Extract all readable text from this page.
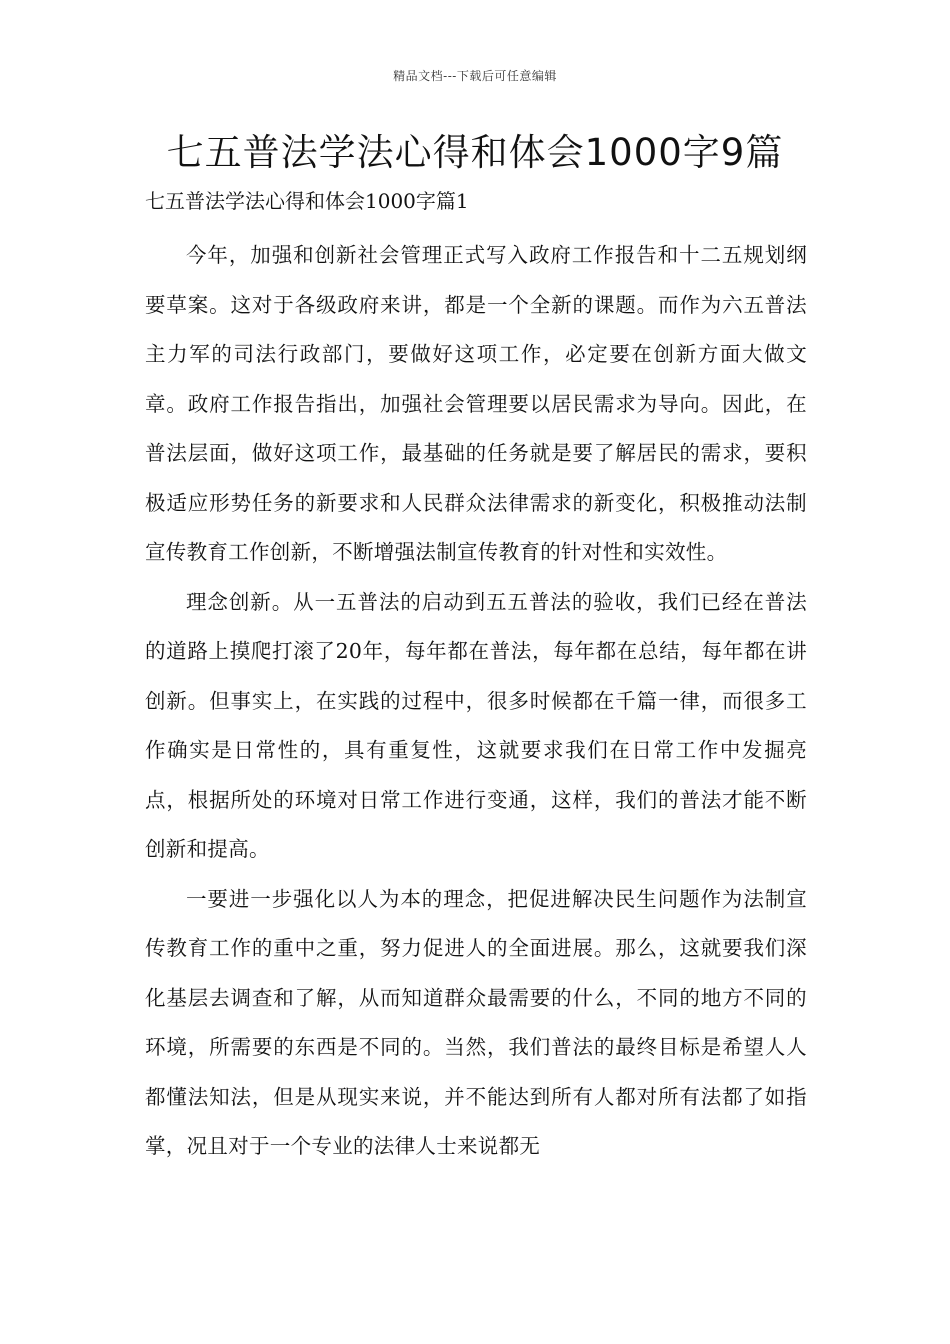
精品文档---下载后可任意编辑
七五普法学法心得和体会1000字9篇
七五普法学法心得和体会1000字篇1

今年，加强和创新社会管理正式写入政府工作报告和十二五规划纲要草案。这对于各级政府来讲，都是一个全新的课题。而作为六五普法主力军的司法行政部门，要做好这项工作，必定要在创新方面大做文章。政府工作报告指出，加强社会管理要以居民需求为导向。因此，在普法层面，做好这项工作，最基础的任务就是要了解居民的需求，要积极适应形势任务的新要求和人民群众法律需求的新变化，积极推动法制宣传教育工作创新，不断增强法制宣传教育的针对性和实效性。

理念创新。从一五普法的启动到五五普法的验收，我们已经在普法的道路上摸爬打滚了20年，每年都在普法，每年都在总结，每年都在讲创新。但事实上，在实践的过程中，很多时候都在千篇一律，而很多工作确实是日常性的，具有重复性，这就要求我们在日常工作中发掘亮点，根据所处的环境对日常工作进行变通，这样，我们的普法才能不断创新和提高。

一要进一步强化以人为本的理念，把促进解决民生问题作为法制宣传教育工作的重中之重，努力促进人的全面进展。那么，这就要我们深化基层去调查和了解，从而知道群众最需要的什么，不同的地方不同的环境，所需要的东西是不同的。当然，我们普法的最终目标是希望人人都懂法知法，但是从现实来说，并不能达到所有人都对所有法都了如指掌，况且对于一个专业的法律人士来说都无
